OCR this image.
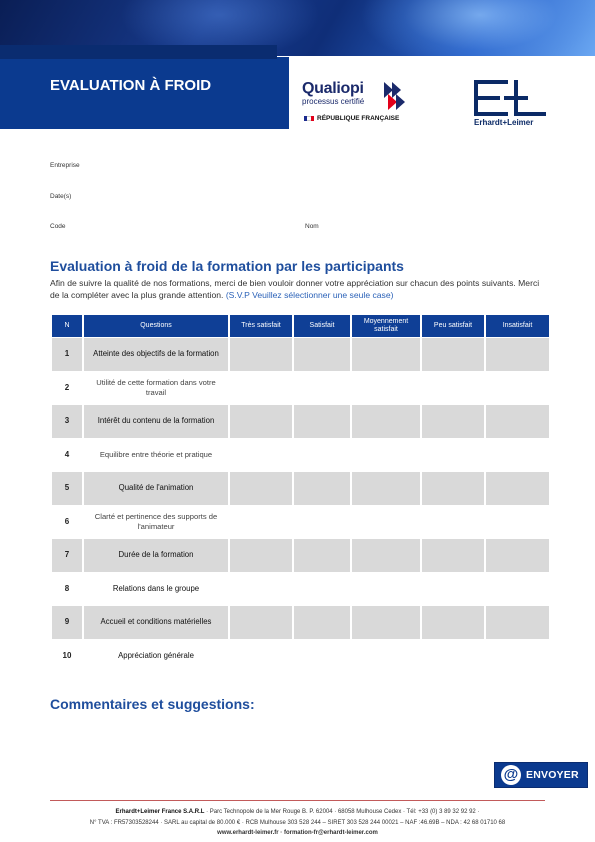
EVALUATION À FROID	Qualiopi
processus certifié
RÉPUBLIQUE FRANÇAISE	Erhardt+Leimer
Entreprise
Date(s)
Code	Nom
Evaluation à froid de la formation par les participants
Afin de suivre la qualité de nos formations, merci de bien vouloir donner votre appréciation sur chacun des points suivants. Merci de la compléter avec la plus grande attention. (S.V.P Veuillez sélectionner une seule case)
N	Questions	Très satisfait	Satisfait	Moyennement satisfait	Peu satisfait	Insatisfait
1	Atteinte des objectifs de la formation					
2	Utilité de cette formation dans votre travail					
3	Intérêt du contenu de la formation					
4	Equilibre entre théorie et pratique					
5	Qualité de l'animation					
6	Clarté et pertinence des supports de l'animateur					
7	Durée de la formation					
8	Relations dans le groupe					
9	Accueil et conditions matérielles					
10	Appréciation générale					
Commentaires et suggestions:
@ ENVOYER
Erhardt+Leimer France S.A.R.L · Parc Technopole de la Mer Rouge B. P. 62004 · 68058 Mulhouse Cedex · Tél: +33 (0) 3 89 32 92 92 ·
N° TVA : FR57303528244 · SARL au capital de 80.000 € · RCB Mulhouse 303 528 244 – SIRET 303 528 244 00021 – NAF :46.69B – NDA : 42 68 01710 68
www.erhardt-leimer.fr · formation-fr@erhardt-leimer.com
